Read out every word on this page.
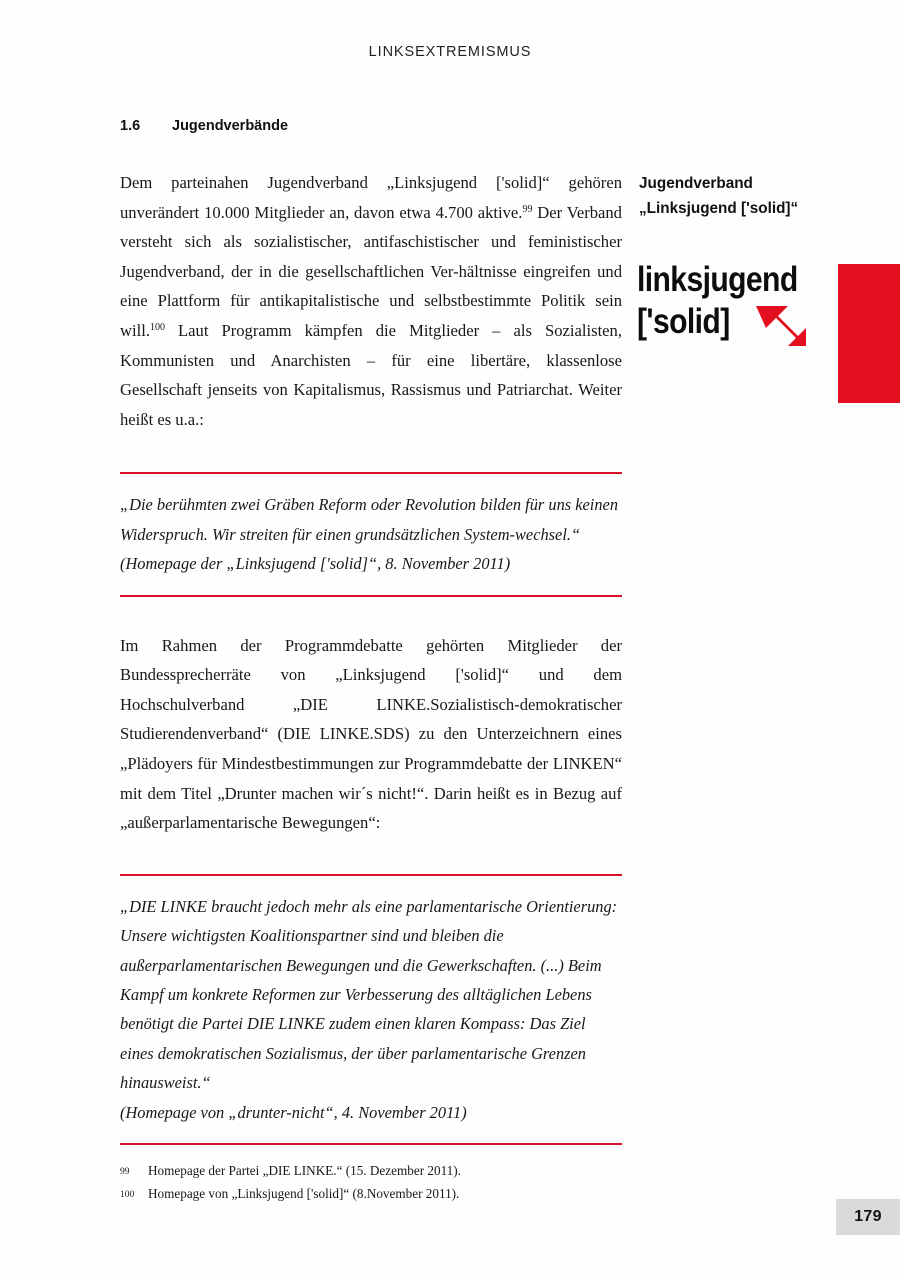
LINKSEXTREMISMUS
1.6 Jugendverbände

Dem parteinahen Jugendverband „Linksjugend ['solid]“ gehören unverändert 10.000 Mitglieder an, davon etwa 4.700 aktive.$^{99}$ Der Verband versteht sich als sozialistischer, antifaschistischer und feministischer Jugendverband, der in die gesellschaftlichen Ver-hältnisse eingreifen und eine Plattform für antikapitalistische und selbstbestimmte Politik sein will.$^{100}$ Laut Programm kämpfen die Mitglieder – als Sozialisten, Kommunisten und Anarchisten – für eine libertäre, klassenlose Gesellschaft jenseits von Kapitalismus, Rassismus und Patriarchat. Weiter heißt es u.a.:

„Die berühmten zwei Gräben Reform oder Revolution bilden für uns keinen Widerspruch. Wir streiten für einen grundsätzlichen System-wechsel.“

(Homepage der „Linksjugend ['solid]“, 8. November 2011)

Im Rahmen der Programmdebatte gehörten Mitglieder der Bundessprecherräte von „Linksjugend ['solid]“ und dem Hochschulverband „DIE LINKE.Sozialistisch-demokratischer Studierendenverband“ (DIE LINKE.SDS) zu den Unterzeichnern eines „Plädoyers für Mindestbestimmungen zur Programmdebatte der LINKEN“ mit dem Titel „Drunter machen wir´s nicht!“. Darin heißt es in Bezug auf „außerparlamentarische Bewegungen“:

„DIE LINKE braucht jedoch mehr als eine parlamentarische Orientierung: Unsere wichtigsten Koalitionspartner sind und bleiben die außerparlamentarischen Bewegungen und die Gewerkschaften. (...) Beim Kampf um konkrete Reformen zur Verbesserung des alltäglichen Lebens benötigt die Partei DIE LINKE zudem einen klaren Kompass: Das Ziel eines demokratischen Sozialismus, der über parlamentarische Grenzen hinausweist.“

(Homepage von „drunter-nicht“, 4. November 2011)

Jugendverband
„Linksjugend ['solid]“
linksjugend
['solid]
99	Homepage der Partei „DIE LINKE.“ (15. Dezember 2011).
100	Homepage von „Linksjugend ['solid]“ (8.November 2011).
179
